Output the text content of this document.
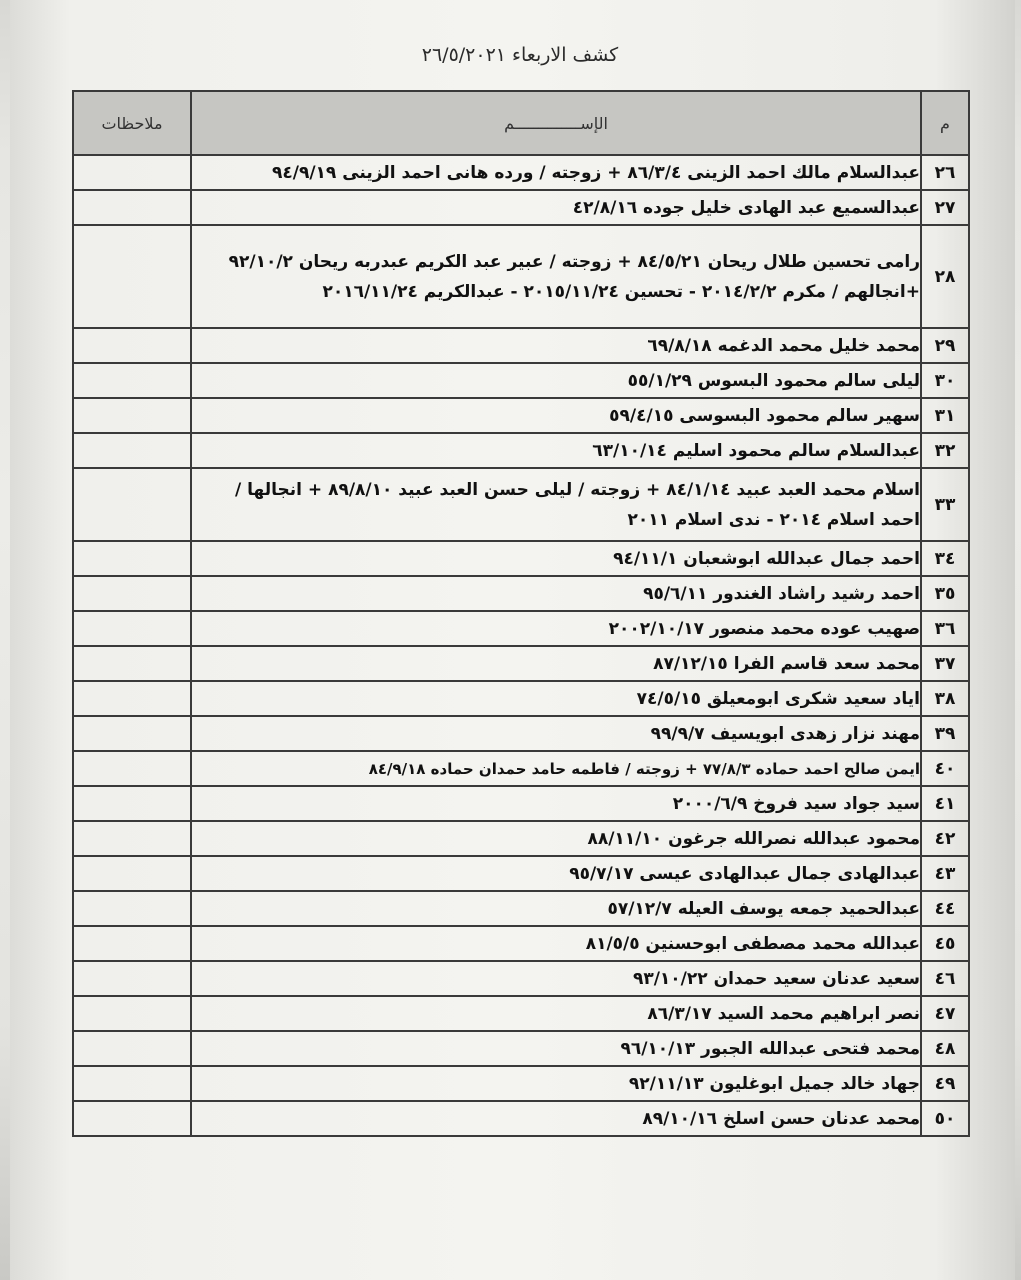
كشف الاربعاء ٢٦/٥/٢٠٢١
م	الإســــــــــــــم	ملاحظات
٢٦	عبدالسلام مالك احمد الزينى ٨٦/٣/٤ + زوجته / ورده هانى احمد الزينى ٩٤/٩/١٩	
٢٧	عبدالسميع عبد الهادى خليل جوده ٤٢/٨/١٦	
٢٨	رامى تحسين طلال ريحان ٨٤/٥/٢١ + زوجته / عبير عبد الكريم عبدربه ريحان ٩٢/١٠/٢ +انجالهم / مكرم ٢٠١٤/٢/٢ - تحسين ٢٠١٥/١١/٢٤ - عبدالكريم ٢٠١٦/١١/٢٤	
٢٩	محمد خليل محمد الدغمه ٦٩/٨/١٨	
٣٠	ليلى سالم محمود البسوس ٥٥/١/٢٩	
٣١	سهير سالم محمود البسوسى ٥٩/٤/١٥	
٣٢	عبدالسلام سالم محمود اسليم ٦٣/١٠/١٤	
٣٣	اسلام محمد العبد عبيد ٨٤/١/١٤ + زوجته / ليلى حسن العبد عبيد ٨٩/٨/١٠ + انجالها / احمد اسلام ٢٠١٤ - ندى اسلام ٢٠١١	
٣٤	احمد جمال عبدالله ابوشعبان ٩٤/١١/١	
٣٥	احمد رشيد راشاد الغندور ٩٥/٦/١١	
٣٦	صهيب عوده محمد منصور ٢٠٠٢/١٠/١٧	
٣٧	محمد سعد قاسم الفرا ٨٧/١٢/١٥	
٣٨	اياد سعيد شكرى ابومعيلق ٧٤/٥/١٥	
٣٩	مهند نزار زهدى ابويسيف ٩٩/٩/٧	
٤٠	ايمن صالح احمد حماده ٧٧/٨/٣ + زوجته / فاطمه حامد حمدان حماده ٨٤/٩/١٨	
٤١	سيد جواد سيد فروخ ٢٠٠٠/٦/٩	
٤٢	محمود عبدالله نصرالله جرغون ٨٨/١١/١٠	
٤٣	عبدالهادى جمال عبدالهادى عيسى ٩٥/٧/١٧	
٤٤	عبدالحميد جمعه يوسف العيله ٥٧/١٢/٧	
٤٥	عبدالله محمد مصطفى ابوحسنين ٨١/٥/٥	
٤٦	سعيد عدنان سعيد حمدان ٩٣/١٠/٢٢	
٤٧	نصر ابراهيم محمد السيد ٨٦/٣/١٧	
٤٨	محمد فتحى عبدالله الجبور ٩٦/١٠/١٣	
٤٩	جهاد خالد جميل ابوغليون ٩٢/١١/١٣	
٥٠	محمد عدنان حسن اسلخ ٨٩/١٠/١٦	
